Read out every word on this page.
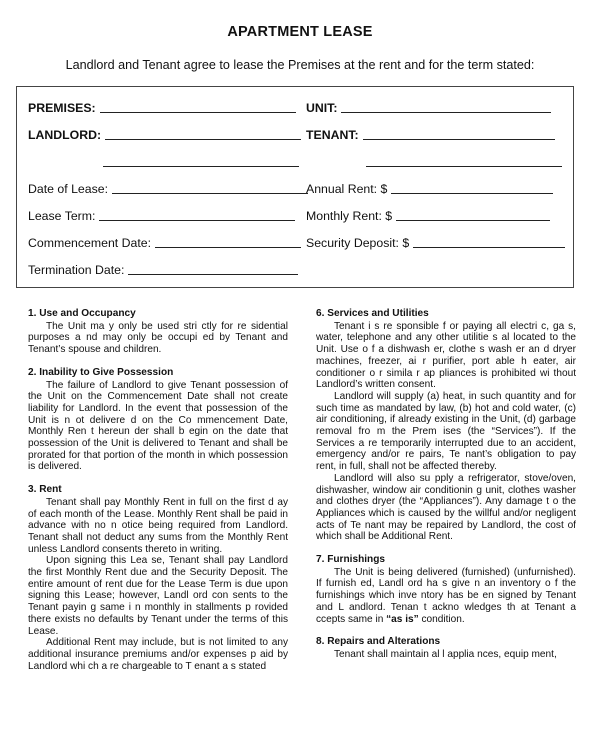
APARTMENT LEASE
Landlord and Tenant agree to lease the Premises at the rent and for the term stated:
PREMISES:	UNIT:
LANDLORD:	TENANT:
Date of Lease:	Annual Rent: $
Lease Term:	Monthly Rent: $
Commencement Date:	Security Deposit: $
Termination Date:
1. Use and Occupancy

The Unit ma y only be used stri ctly for re sidential purposes a nd may only be occupi ed by Tenant and Tenant’s spouse and children.

2. Inability to Give Possession

The failure of Landlord to give Tenant possession of the Unit on the Commencement Date shall not create liability for Landlord. In the event that possession of the Unit is n ot delivere d on the Co mmencement Date, Monthly Ren t hereun der shall b egin on the date that possession of the Unit is delivered to Tenant and shall be prorated for that portion of the month in which possession is delivered.

3. Rent

Tenant shall pay Monthly Rent in full on the first d ay of each month of the Lease. Monthly Rent shall be paid in advance with no n otice being required from Landlord. Tenant shall not deduct any sums from the Monthly Rent unless Landlord consents thereto in writing.

Upon signing this Lea se, Tenant shall pay Landlord the first Monthly Rent due and the Security Deposit. The entire amount of rent due for the Lease Term is due upon signing this Lease; however, Landl ord con sents to the Tenant payin g same i n monthly in stallments p rovided there exists no defaults by Tenant under the terms of this Lease.

Additional Rent may include, but is not limited to any additional insurance premiums and/or expenses p aid by Landlord whi ch a re chargeable to T enant a s stated

6. Services and Utilities

Tenant i s re sponsible f or paying all electri c, ga s, water, telephone and any other utilitie s al located to the Unit. Use o f a dishwash er, clothe s wash er an d dryer machines, freezer, ai r purifier, port able h eater, air conditioner o r simila r ap pliances is prohibited wi thout Landlord’s written consent.

Landlord will supply (a) heat, in such quantity and for such time as mandated by law, (b) hot and cold water, (c) air conditioning, if already existing in the Unit, (d) garbage removal fro m the Prem ises (the “Services”). If the Services a re temporarily interrupted due to an accident, emergency and/or re pairs, Te nant’s obligation to pay rent, in full, shall not be affected thereby.

Landlord will also su pply a refrigerator, stove/oven, dishwasher, window air conditionin g unit, clothes washer and clothes dryer (the “Appliances”). Any damage t o the Appliances which is caused by the willful and/or negligent acts of Te nant may be repaired by Landlord, the cost of which shall be Additional Rent.

7. Furnishings

The Unit is being delivered (furnished) (unfurnished). If furnish ed, Landl ord ha s give n an inventory o f the furnishings which inve ntory has be en signed by Tenant and L andlord. Tenan t ackno wledges th at Tenant a ccepts same in “as is” condition.

8. Repairs and Alterations

Tenant shall maintain al l applia nces, equip ment,
